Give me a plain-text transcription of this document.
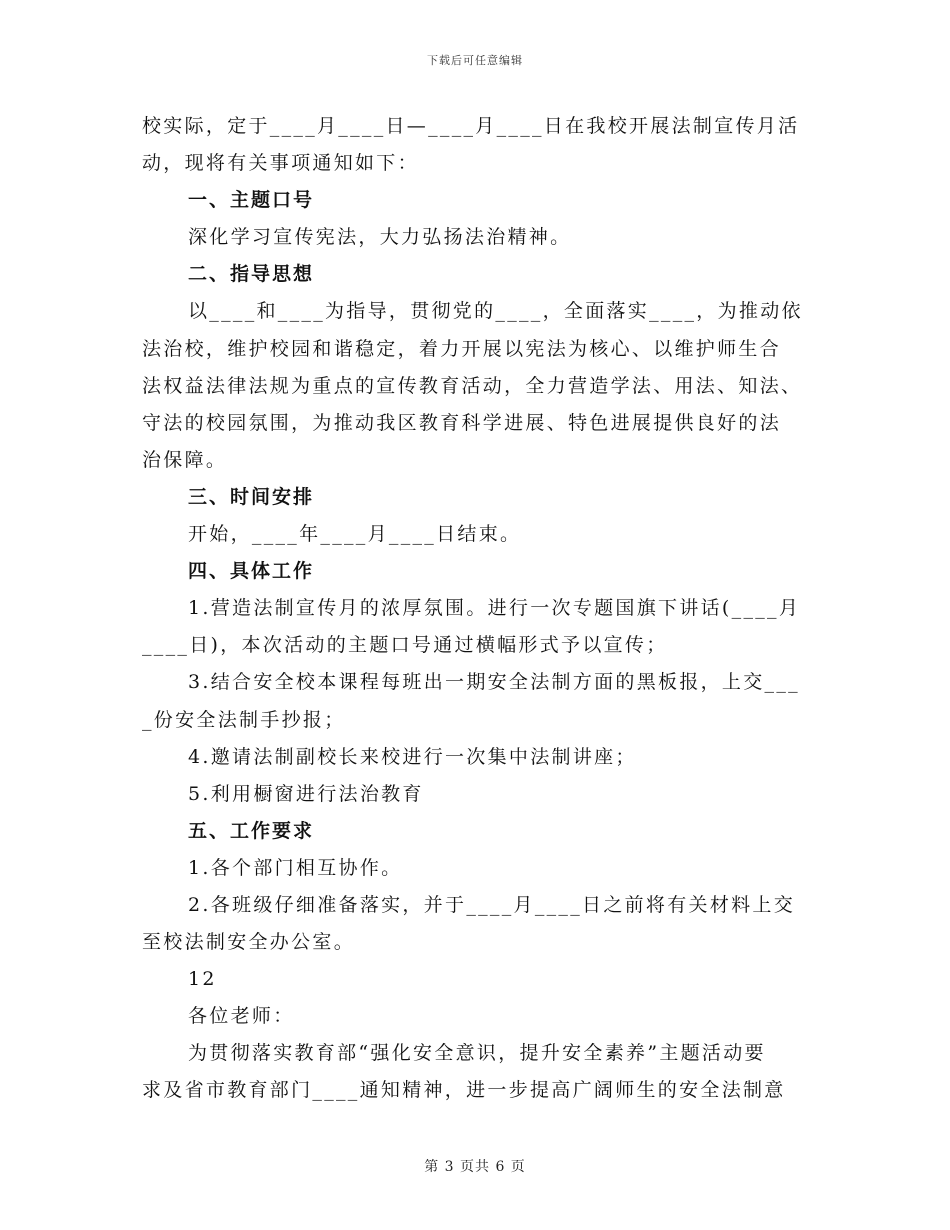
下载后可任意编辑
校实际，定于____月____日—____月____日在我校开展法制宣传月活
动，现将有关事项通知如下：
一、主题口号
深化学习宣传宪法，大力弘扬法治精神。
二、指导思想
以____和____为指导，贯彻党的____，全面落实____，为推动依
法治校，维护校园和谐稳定，着力开展以宪法为核心、以维护师生合
法权益法律法规为重点的宣传教育活动，全力营造学法、用法、知法、
守法的校园氛围，为推动我区教育科学进展、特色进展提供良好的法
治保障。
三、时间安排
开始，____年____月____日结束。
四、具体工作
1.营造法制宣传月的浓厚氛围。进行一次专题国旗下讲话(____月
____日)，本次活动的主题口号通过横幅形式予以宣传；
3.结合安全校本课程每班出一期安全法制方面的黑板报，上交___
_份安全法制手抄报；
4.邀请法制副校长来校进行一次集中法制讲座；
5.利用橱窗进行法治教育
五、工作要求
1.各个部门相互协作。
2.各班级仔细准备落实，并于____月____日之前将有关材料上交
至校法制安全办公室。
12
各位老师：
为贯彻落实教育部“强化安全意识，提升安全素养”主题活动要
求及省市教育部门____通知精神，进一步提高广阔师生的安全法制意
第 3 页共 6 页
